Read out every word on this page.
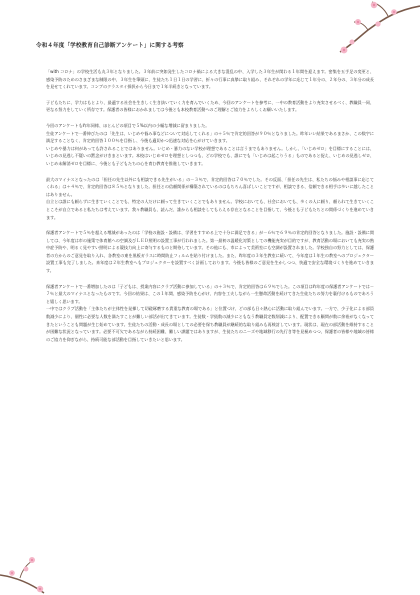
令和４年度「学校教育自己診断アンケート」に関する考察

「with コロナ」の学校生活も丸３年となりました。３年前に突如発生したコロナ禍による大きな混乱の中、入学した３年生が関わる１年間を迎えます。密集を五手足の変更と、感染予防のためのさまざまな制限の中、３年生を筆頭に、生徒たち１日１日の学習に、折々の行事に真摯に取り組み、それぞれの学年に応じて１年分の、２年分の、３年分の成長を見せてくれています。コンブのクラスタイ採択から今日まで１年半続きとなっています。

子どもたちに、学力はもとより、最適する社会を生きしく生き抜いていく力を育んでいくため、今回のアンケートを参考に、一中の教育活動をより充実させるべく、教職員一同、更なる努力をしていく所存です。保護者の皆様におかれましては今後とも本校教育活動へのご理解とご協力をよろしくお願いいたします。

今回のアンケートも昨年同様、ほとんどの項目で５%以内の小幅な増減に留まりました。
生徒アンケートで一番伸びたのは「先生は、いじめや悩み事などについて対応してくれる」の＋５％で肯定的回答が９０％となりました。昨年いい結果であるまさか、この数字に満足することなく、肯定的回答１００％を目指し、今後も適切かつ迅速な対応を心がけていきます。
いじめや暴力は何があっても許されることではありません。いじめ・暴力のない学校が理想であることは言うまでもありません。しかし、「いじめゼロ」を目標にすることには、いじめの見逃し不疑いの黙念がけきまといます。本校はいじめゼロを理想としつつも、どの学校でも、誰にでも「いじめは起こりうる」ものであると捉え、いじめの見逃しゼロ、いじめ未解消ゼロを目標に、今後とも子どもたちの心を育む教育を推進していきます。

最大のマイナスとなったのは「担任の先生以外にも相談できる先生がいる」の－３％で、肯定的回答は７０％でした。その反面、「担任の先生は、私たちの悩みや相談事に応じてくれる」は＋４％で、肯定的回答は８５％となりました。担任との信頼関係が構築されているのはもちろん喜ばしいことですが、相談できる、信頼できる相手は多いに越したことはありません。
自立とは誰にも頼らずに生きていくことでも、特定の人だけに頼って生きていくことでもありません。学校においても、社会においても、多くの人に頼り、頼られて生きていくことこそが自立であると私たちは考えています。我々教職員も、読んだ、誰からも相談をしてもらえる存在となることを目指して、今後とも子どもたちとの関係づくりを進めていきます。

保護者アンケートで５％を超える増減があったのは「学校の施設・設備は、学習をすすめる上で十分に満足できる」が－６％で６９％の肯定的回答となりました。施設・設備に関しては、今年度は市の施策で体育館への空調及びＬＥＤ照明の設置工事が行われました。第一最初の温暖化対策としての機能充実が目的ですが、教育活動の場においても充実の熟中症予防や、明るく見やすい照明による競技力向上に寄与するものと期待しています。その他にも、市によって美術室にも空調が設置されました。学校独自の努力としては、保護者の方からのご意見を取り入れ、各教室の東を黒板ガラスに時間防止フィルムを貼り付けました。また、昨年度の３年生教室に続いて、今年度は１年生の教室へのプロジェクター設置工事も完了しました。来年度は２年生教室へもプロジェクターを設置すべく計画しております。今後も皆様のご意見を生かしつつ、快適で安全な環境づくりを進めていきます。

保護者アンケートで一番増加したのは「子どもは、授業内容にクラブ活動に参加している」の＋３％で、肯定的回答は６９％でした。この項目は昨年度の保護者アンケートでは－７％と最大のマイナスとなったものです。今回の結果は、この１年間、感染予防を心がけ、内容を工夫しながら一生懸命活動を続けてきた生徒たちの努力を裏付けるものであろうと嬉しく思います。
一中ではクラブ活動を「主体たちが主体性を発揮して切磋琢磨する貴重な教育の場である」と位置づけ、どの部も日々熱心に活動に取り組んでいます。一方で、少子化による部員数減少により、個性に必要な人数を満たすことが難しい部活が出てきています。生徒数・学級数の減少にともなう教職員定数削減により、配置できる顧問が数に余裕がなくなってきたということも問題が生じ始めています。生徒たちの活動・成長の場としての必要を保ち教職員が継続的な取り組みも再検討しています。現状は、現在の部活動を維持することが困難な状況となっています。必要不可欠であるながら持続困難、難しい課題ではありますが、生徒たちのニーズや地域移行の先行き等を見極めつつ、保護者の皆様や地域の皆様のご協力を仰ぎながら、持続可能な部活動を目指していきたいと思います。
